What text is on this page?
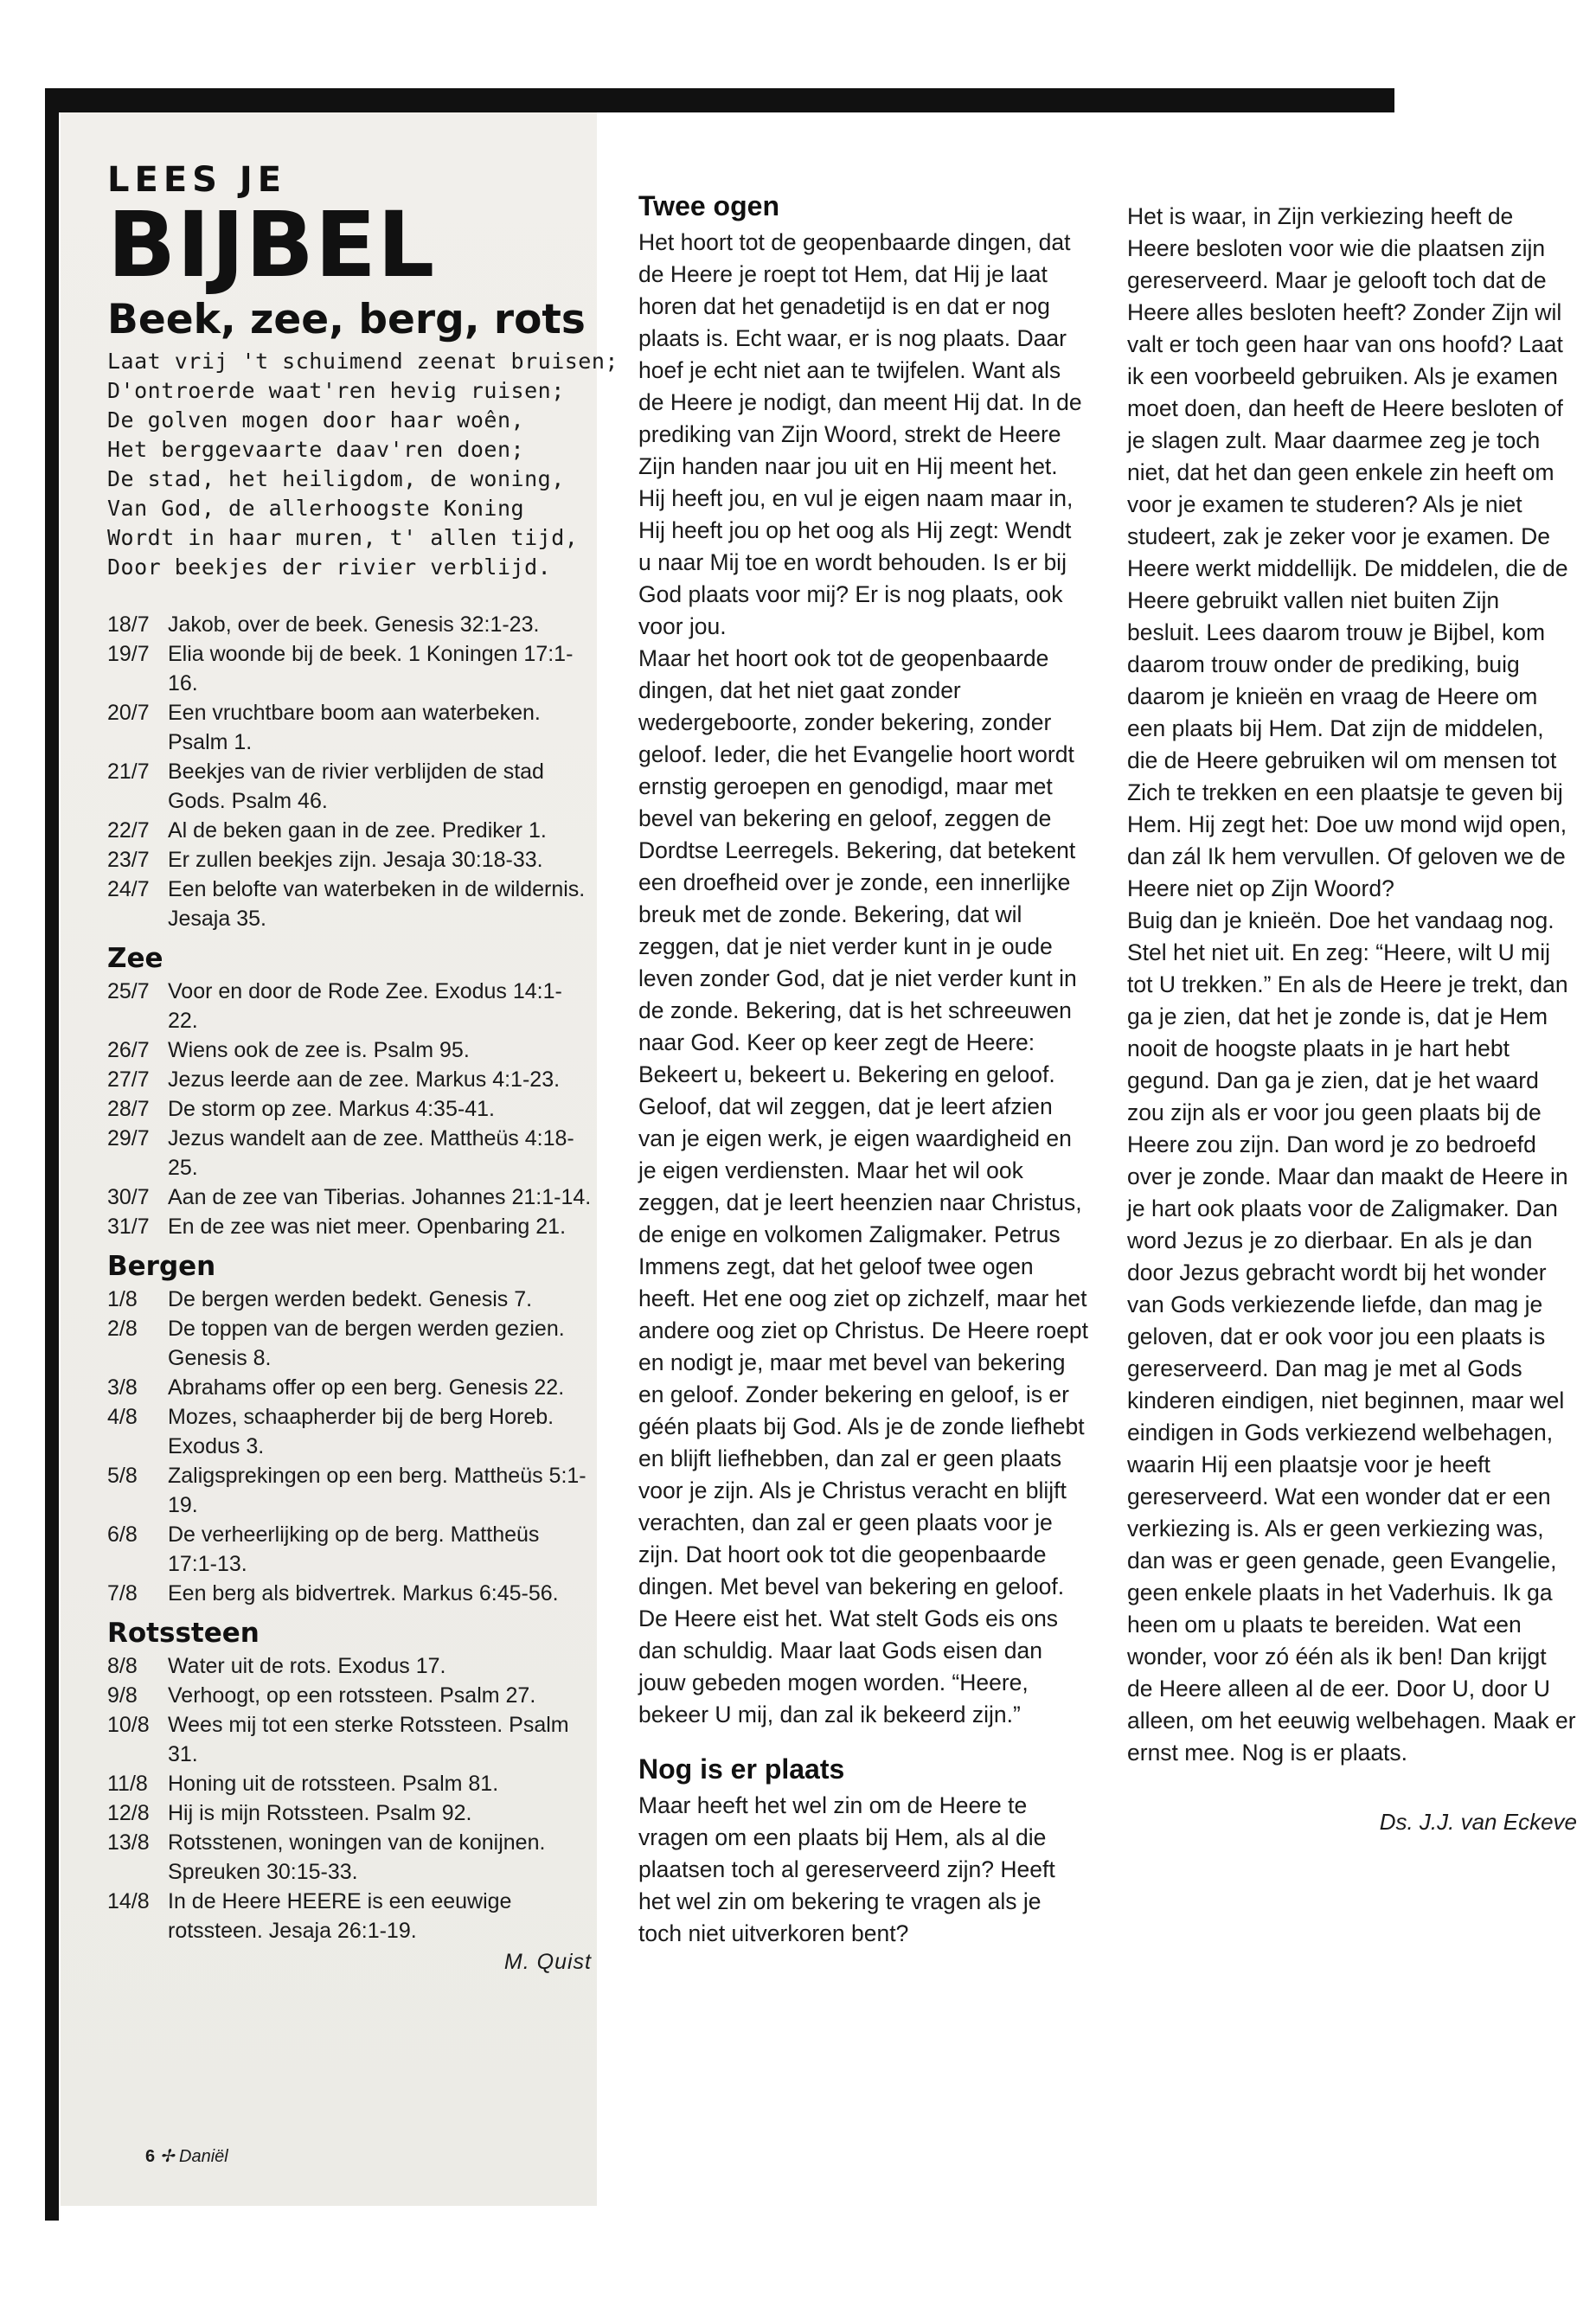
LEES JE
BIJBEL
Beek, zee, berg, rots
Laat vrij 't schuimend zeenat bruisen;
D'ontroerde waat'ren hevig ruisen;
De golven mogen door haar woên,
Het berggevaarte daav'ren doen;
De stad, het heiligdom, de woning,
Van God, de allerhoogste Koning
Wordt in haar muren, t' allen tijd,
Door beekjes der rivier verblijd.
18/7 Jakob, over de beek. Genesis 32:1-23.
19/7 Elia woonde bij de beek. 1 Koningen 17:1-16.
20/7 Een vruchtbare boom aan waterbeken. Psalm 1.
21/7 Beekjes van de rivier verblijden de stad Gods. Psalm 46.
22/7 Al de beken gaan in de zee. Prediker 1.
23/7 Er zullen beekjes zijn. Jesaja 30:18-33.
24/7 Een belofte van waterbeken in de wildernis. Jesaja 35.
Zee
25/7 Voor en door de Rode Zee. Exodus 14:1-22.
26/7 Wiens ook de zee is. Psalm 95.
27/7 Jezus leerde aan de zee. Markus 4:1-23.
28/7 De storm op zee. Markus 4:35-41.
29/7 Jezus wandelt aan de zee. Mattheüs 4:18-25.
30/7 Aan de zee van Tiberias. Johannes 21:1-14.
31/7 En de zee was niet meer. Openbaring 21.
Bergen
1/8	De bergen werden bedekt. Genesis 7.
2/8	De toppen van de bergen werden gezien. Genesis 8.
3/8	Abrahams offer op een berg. Genesis 22.
4/8	Mozes, schaapherder bij de berg Horeb. Exodus 3.
5/8	Zaligsprekingen op een berg. Mattheüs 5:1-19.
6/8	De verheerlijking op de berg. Mattheüs 17:1-13.
7/8	Een berg als bidvertrek. Markus 6:45-56.
Rotssteen
8/8	Water uit de rots. Exodus 17.
9/8	Verhoogt, op een rotssteen. Psalm 27.
10/8 Wees mij tot een sterke Rotssteen. Psalm 31.
11/8 Honing uit de rotssteen. Psalm 81.
12/8 Hij is mijn Rotssteen. Psalm 92.
13/8 Rotsstenen, woningen van de konijnen. Spreuken 30:15-33.
14/8 In de Heere HEERE is een eeuwige rotssteen. Jesaja 26:1-19.
M. Quist
6 ✢ Daniël
Twee ogen

Het hoort tot de geopenbaarde dingen, dat de Heere je roept tot Hem, dat Hij je laat horen dat het genadetijd is en dat er nog plaats is. Echt waar, er is nog plaats. Daar hoef je echt niet aan te twijfelen. Want als de Heere je nodigt, dan meent Hij dat. In de prediking van Zijn Woord, strekt de Heere Zijn handen naar jou uit en Hij meent het. Hij heeft jou, en vul je eigen naam maar in, Hij heeft jou op het oog als Hij zegt: Wendt u naar Mij toe en wordt behouden. Is er bij God plaats voor mij? Er is nog plaats, ook voor jou.

Maar het hoort ook tot de geopenbaarde dingen, dat het niet gaat zonder wedergeboorte, zonder bekering, zonder geloof. Ieder, die het Evangelie hoort wordt ernstig geroepen en genodigd, maar met bevel van bekering en geloof, zeggen de Dordtse Leerregels. Bekering, dat betekent een droefheid over je zonde, een innerlijke breuk met de zonde. Bekering, dat wil zeggen, dat je niet verder kunt in je oude leven zonder God, dat je niet verder kunt in de zonde. Bekering, dat is het schreeuwen naar God. Keer op keer zegt de Heere: Bekeert u, bekeert u. Bekering en geloof. Geloof, dat wil zeggen, dat je leert afzien van je eigen werk, je eigen waardigheid en je eigen verdiensten. Maar het wil ook zeggen, dat je leert heenzien naar Christus, de enige en volkomen Zaligmaker. Petrus Immens zegt, dat het geloof twee ogen heeft. Het ene oog ziet op zichzelf, maar het andere oog ziet op Christus. De Heere roept en nodigt je, maar met bevel van bekering en geloof. Zonder bekering en geloof, is er géén plaats bij God. Als je de zonde liefhebt en blijft liefhebben, dan zal er geen plaats voor je zijn. Als je Christus veracht en blijft verachten, dan zal er geen plaats voor je zijn. Dat hoort ook tot die geopenbaarde dingen. Met bevel van bekering en geloof. De Heere eist het. Wat stelt Gods eis ons dan schuldig. Maar laat Gods eisen dan jouw gebeden mogen worden. “Heere, bekeer U mij, dan zal ik bekeerd zijn.”

Nog is er plaats

Maar heeft het wel zin om de Heere te vragen om een plaats bij Hem, als al die plaatsen toch al gereserveerd zijn? Heeft het wel zin om bekering te vragen als je toch niet uitverkoren bent?

Het is waar, in Zijn verkiezing heeft de Heere besloten voor wie die plaatsen zijn gereserveerd. Maar je gelooft toch dat de Heere alles besloten heeft? Zonder Zijn wil valt er toch geen haar van ons hoofd? Laat ik een voorbeeld gebruiken. Als je examen moet doen, dan heeft de Heere besloten of je slagen zult. Maar daarmee zeg je toch niet, dat het dan geen enkele zin heeft om voor je examen te studeren? Als je niet studeert, zak je zeker voor je examen. De Heere werkt middellijk. De middelen, die de Heere gebruikt vallen niet buiten Zijn besluit. Lees daarom trouw je Bijbel, kom daarom trouw onder de prediking, buig daarom je knieën en vraag de Heere om een plaats bij Hem. Dat zijn de middelen, die de Heere gebruiken wil om mensen tot Zich te trekken en een plaatsje te geven bij Hem. Hij zegt het: Doe uw mond wijd open, dan zál Ik hem vervullen. Of geloven we de Heere niet op Zijn Woord?

Buig dan je knieën. Doe het vandaag nog. Stel het niet uit. En zeg: “Heere, wilt U mij tot U trekken.” En als de Heere je trekt, dan ga je zien, dat het je zonde is, dat je Hem nooit de hoogste plaats in je hart hebt gegund. Dan ga je zien, dat je het waard zou zijn als er voor jou geen plaats bij de Heere zou zijn. Dan word je zo bedroefd over je zonde. Maar dan maakt de Heere in je hart ook plaats voor de Zaligmaker. Dan word Jezus je zo dierbaar. En als je dan door Jezus gebracht wordt bij het wonder van Gods verkiezende liefde, dan mag je geloven, dat er ook voor jou een plaats is gereserveerd. Dan mag je met al Gods kinderen eindigen, niet beginnen, maar wel eindigen in Gods verkiezend welbehagen, waarin Hij een plaatsje voor je heeft gereserveerd. Wat een wonder dat er een verkiezing is. Als er geen verkiezing was, dan was er geen genade, geen Evangelie, geen enkele plaats in het Vaderhuis. Ik ga heen om u plaats te bereiden. Wat een wonder, voor zó één als ik ben! Dan krijgt de Heere alleen al de eer. Door U, door U alleen, om het eeuwig welbehagen. Maak er ernst mee. Nog is er plaats.

Ds. J.J. van Eckeve
